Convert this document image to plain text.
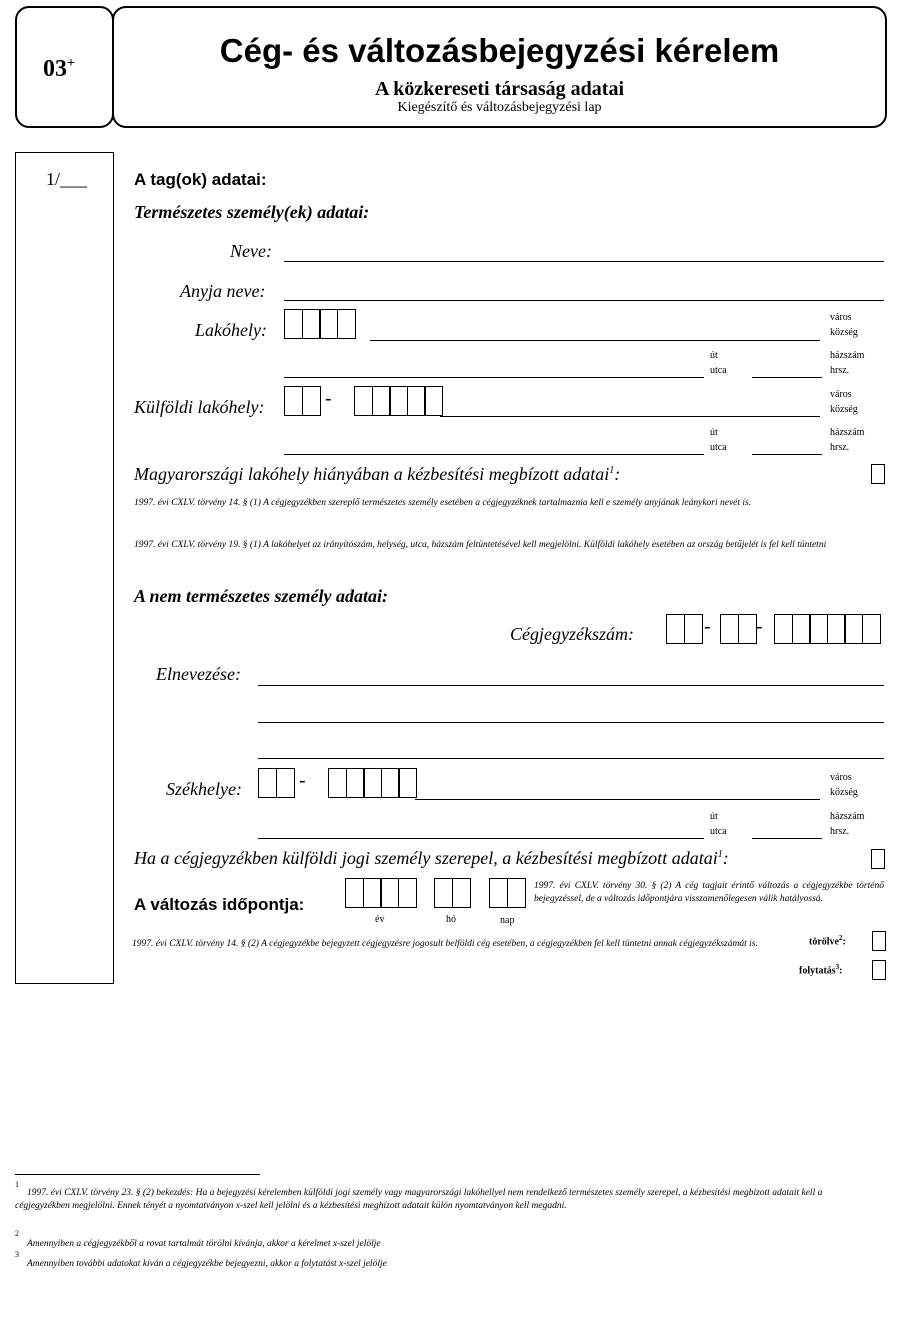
03+	Cég- és változásbejegyzési kérelem
A közkereseti társaság adatai
Kiegészítő és változásbejegyzési lap
1/___	A tag(ok) adatai:
Természetes személy(ek) adatai:
Neve:
Anyja neve:
Lakóhely:
város
község
út
utca
házszám
hrsz.
Külföldi lakóhely:	-	város
község
út
utca
házszám
hrsz.
Magyarországi lakóhely hiányában a kézbesítési megbízott adatai$^1$:
1997. évi CXLV. törvény 14. § (1) A cégjegyzékben szereplő természetes személy esetében a cégjegyzéknek tartalmaznia kell e személy anyjának leánykori nevét is.
1997. évi CXLV. törvény 19. § (1) A lakóhelyet az irányítószám, helység, utca, házszám feltüntetésével kell megjelölni. Külföldi lakóhely esetében az ország betűjelét is fel kell tüntetni
A nem természetes személy adatai:
Cégjegyzékszám:	- -
Elnevezése:
Székhelye:	-	város
község
út
utca
házszám
hrsz.
Ha a cégjegyzékben külföldi jogi személy szerepel, a kézbesítési megbízott adatai$^1$:
A változás időpontja:
év	hó	nap
1997. évi CXLV. törvény 30. § (2) A cég tagjait érintő változás a cégjegyzékbe történő bejegyzéssel, de a változás időpontjára visszamenőlegesen válik hatályossá.
1997. évi CXLV. törvény 14. § (2) A cégjegyzékbe bejegyzett cégjegyzésre jogosult belföldi cég esetében, a cégjegyzékben fel kell tüntetni annak cégjegyzékszámát is.	törölve$^2$:
folytatás$^3$:
1
1997. évi CXLV. törvény 23. § (2) bekezdés: Ha a bejegyzési kérelemben külföldi jogi személy vagy magyarországi lakóhellyel nem rendelkező természetes személy szerepel, a kézbesítési megbízott adatait kell a cégjegyzékben megjelölni. Ennek tényét a nyomtatványon x-szel kell jelölni és a kézbesítési meghízott adatait külön nyomtatványon kell megadni.
2
Amennyiben a cégjegyzékből a rovat tartalmát törölni kívánja, akkor a kérelmet x-szel jelölje
3
Amennyiben további adatokat kíván a cégjegyzékbe bejegyezni, akkor a folytatást x-szel jelölje
